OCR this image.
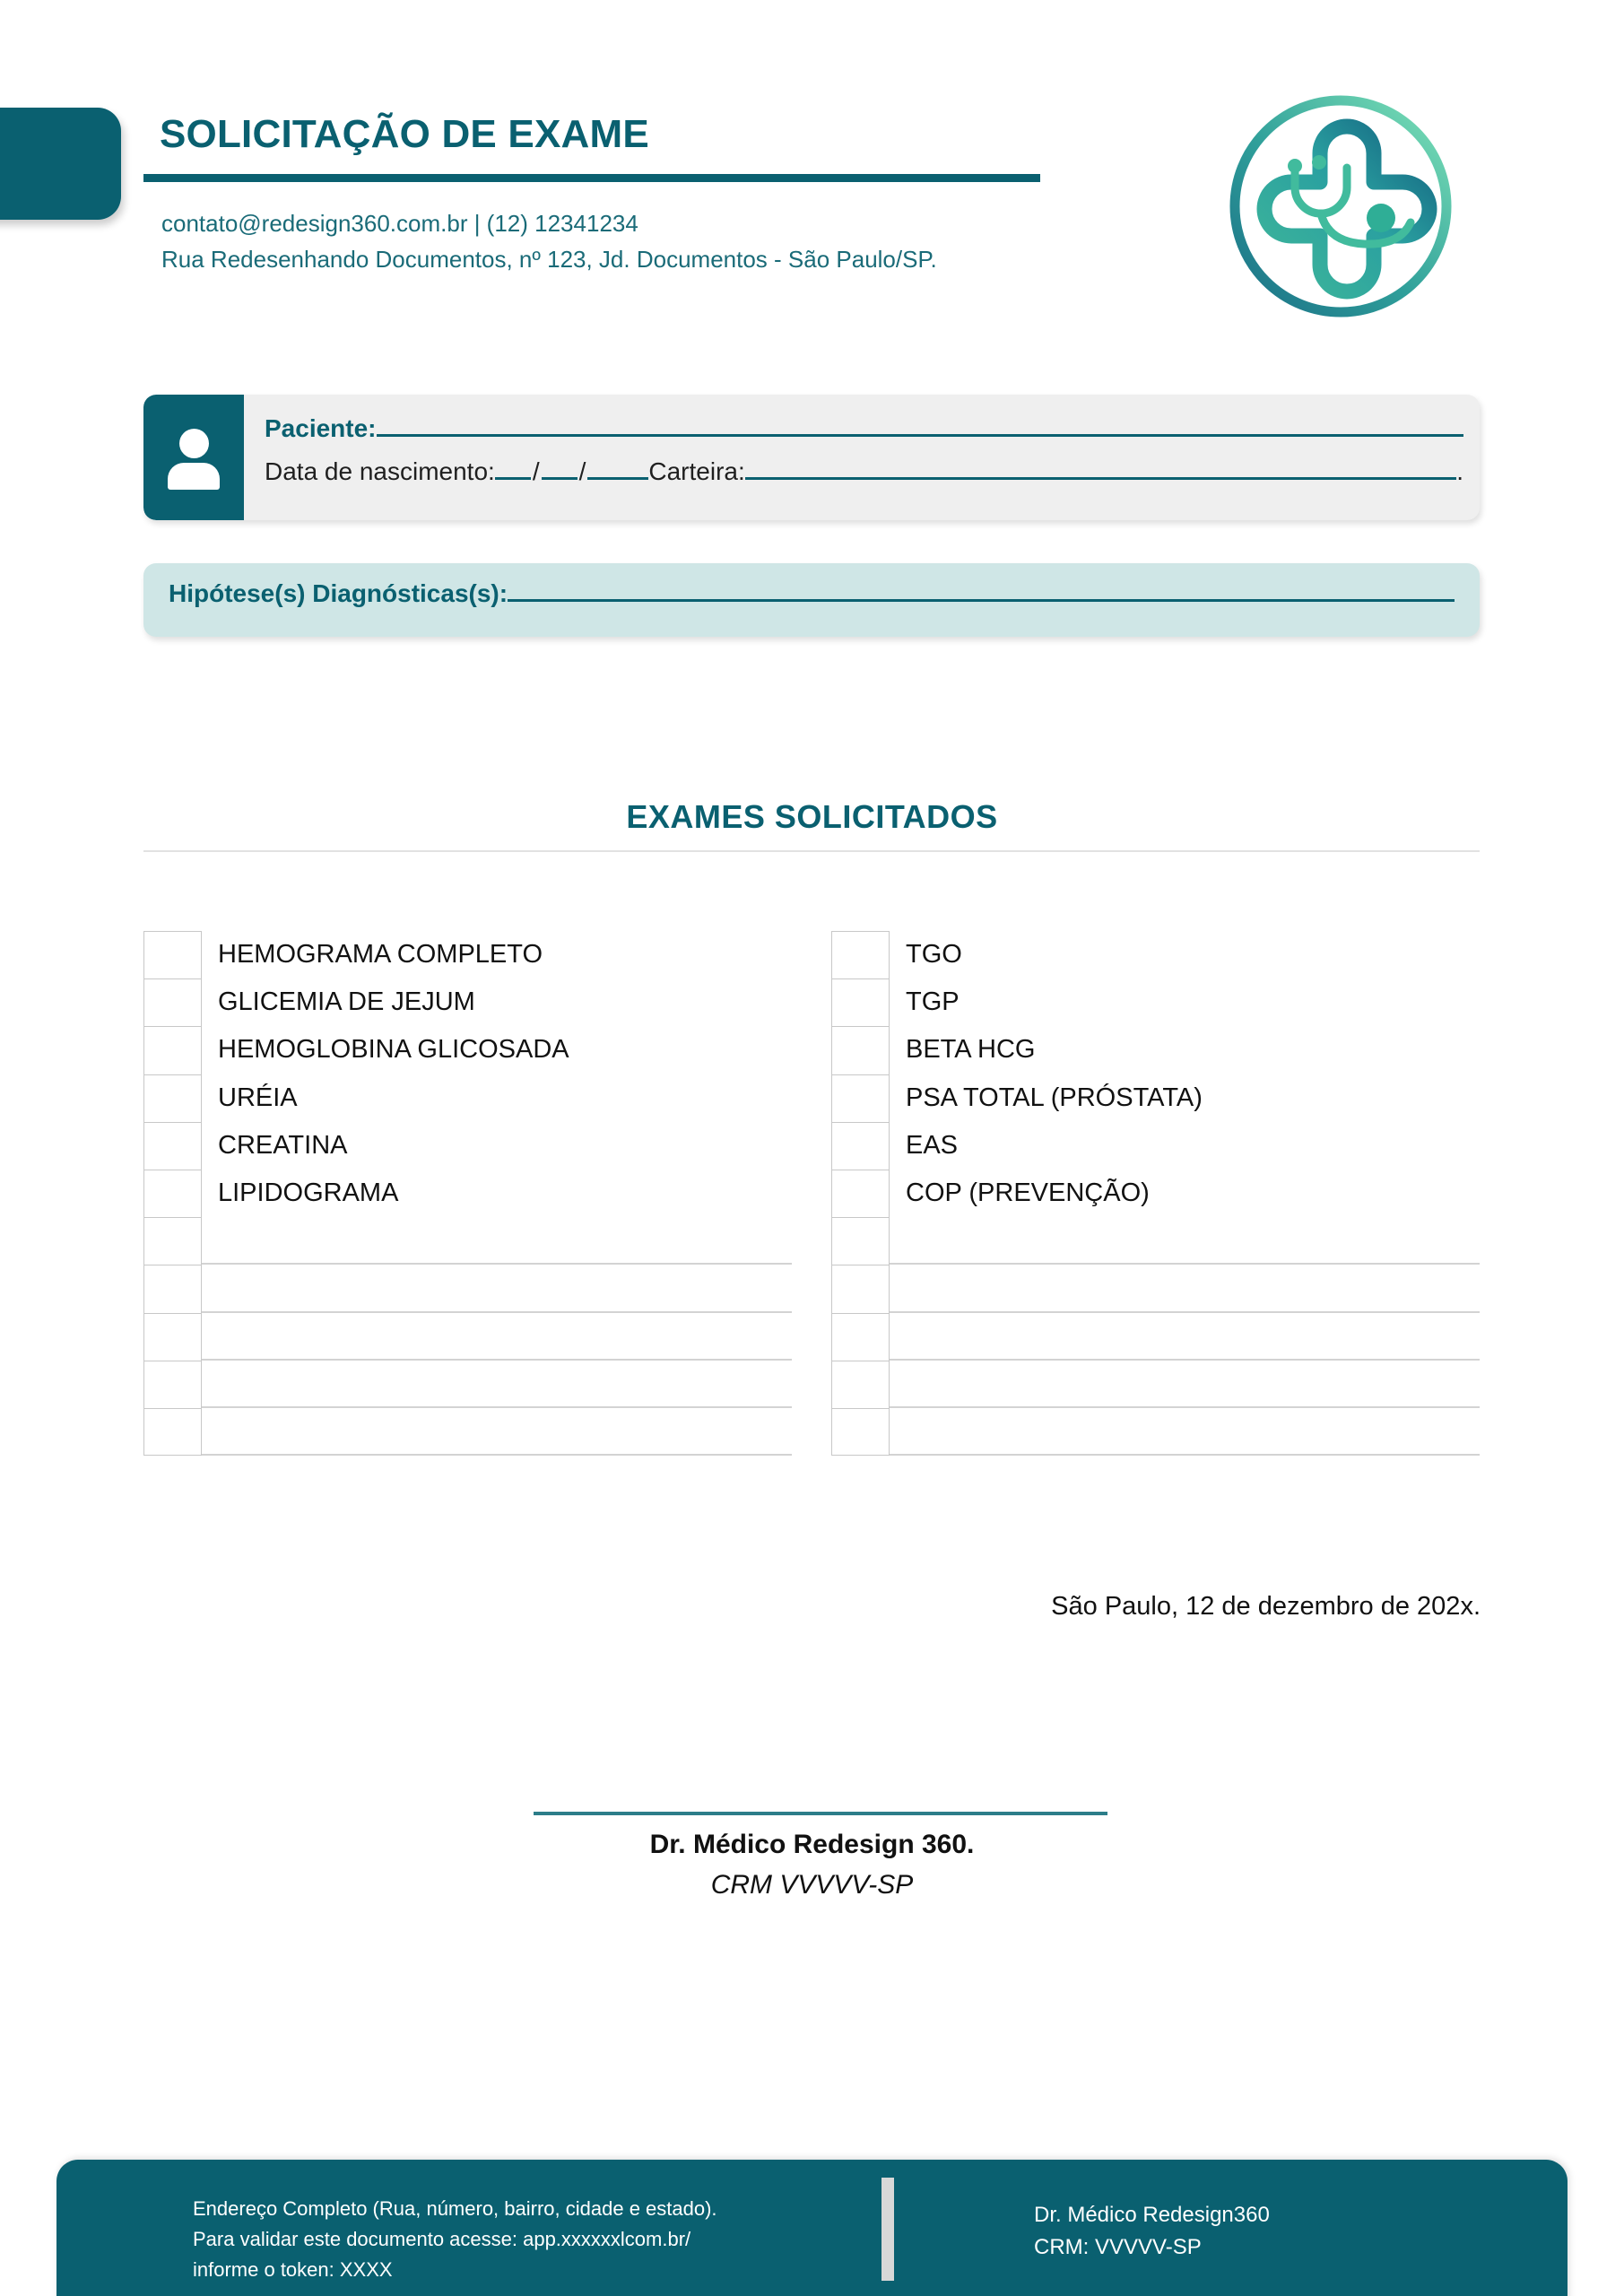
SOLICITAÇÃO DE EXAME
contato@redesign360.com.br | (12) 12341234
Rua Redesenhando Documentos, nº 123, Jd. Documentos - São Paulo/SP.
Paciente:
Data de nascimento: / /	Carteira:	.
Hipótese(s) Diagnósticas(s):
EXAMES SOLICITADOS
HEMOGRAMA COMPLETO
GLICEMIA DE JEJUM
HEMOGLOBINA GLICOSADA
URÉIA
CREATINA
LIPIDOGRAMA
TGO
TGP
BETA HCG
PSA TOTAL (PRÓSTATA)
EAS
COP (PREVENÇÃO)
São Paulo, 12 de dezembro de 202x.
Dr. Médico Redesign 360.
CRM VVVVV-SP
Endereço Completo (Rua, número, bairro, cidade e estado).
Para validar este documento acesse: app.xxxxxxlcom.br/
informe o token: XXXX
Dr. Médico Redesign360
CRM: VVVVV-SP
